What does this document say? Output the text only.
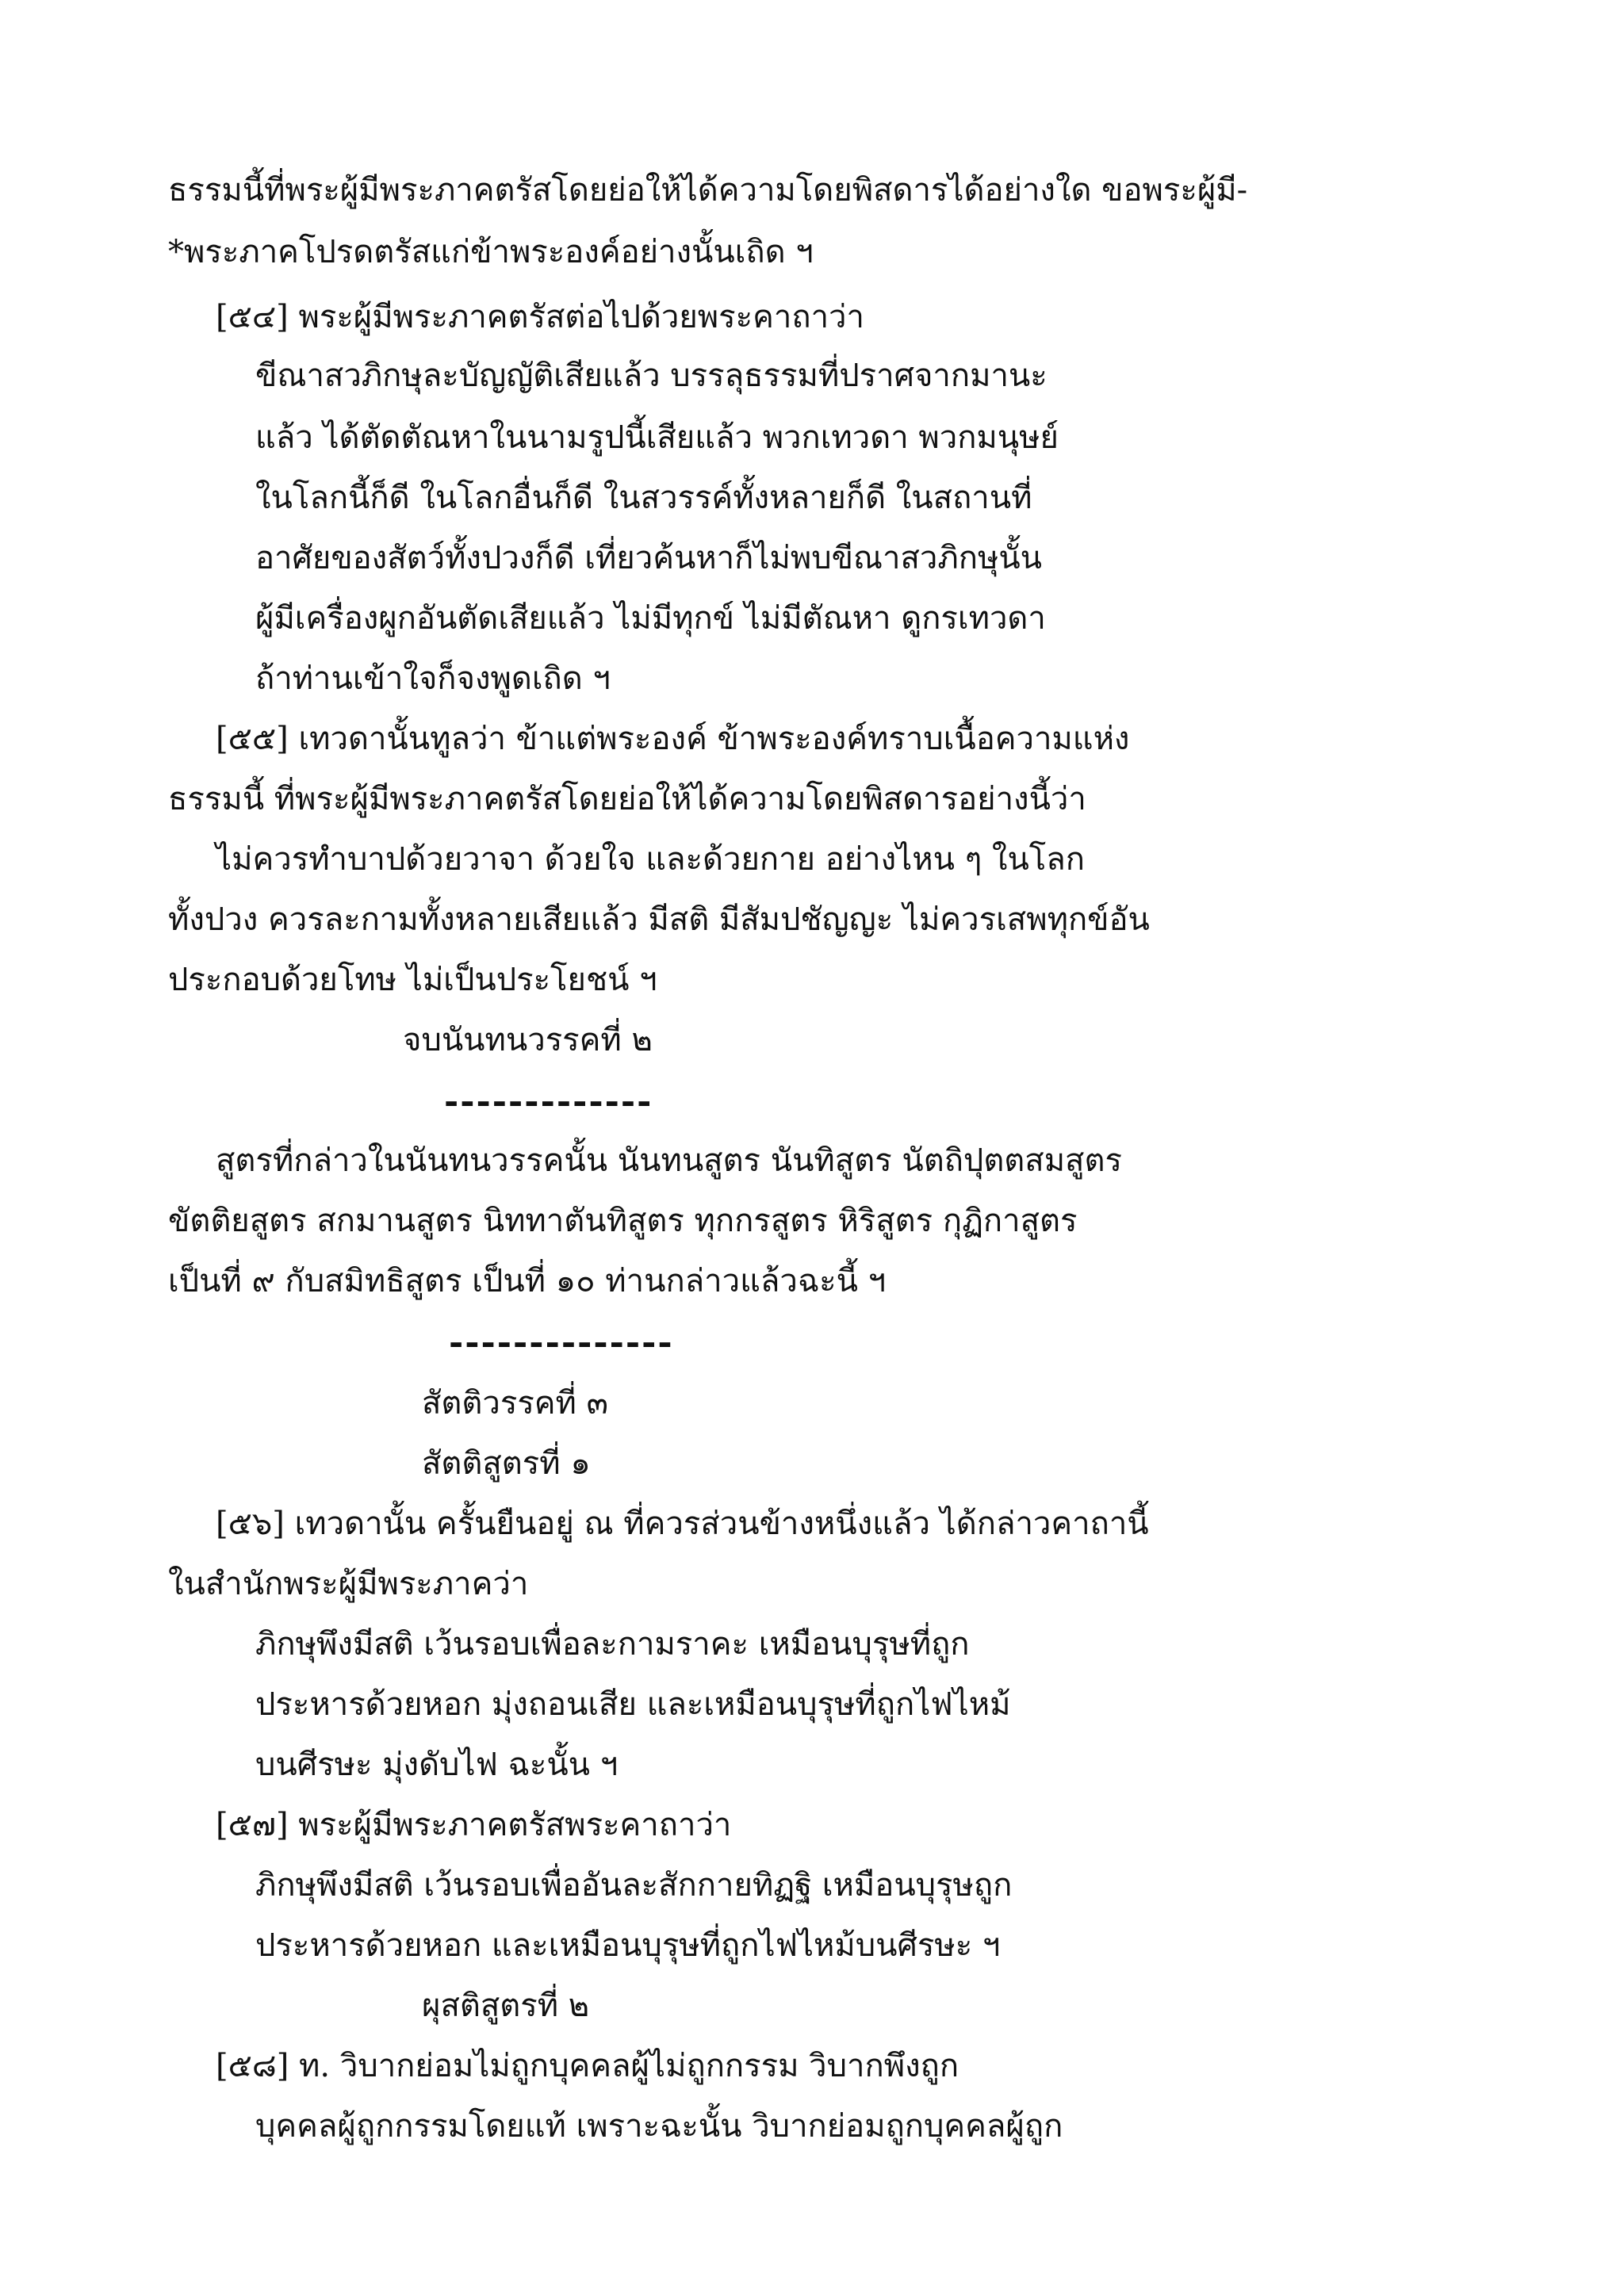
ธรรมนี้ที่พระผู้มีพระภาคตรัสโดยย่อให้ได้ความโดยพิสดารได้อย่างใด ขอพระผู้มี-
*พระภาคโปรดตรัสแก่ข้าพระองค์อย่างนั้นเถิด ฯ
[๕๔] พระผู้มีพระภาคตรัสต่อไปด้วยพระคาถาว่า
ขีณาสวภิกษุละบัญญัติเสียแล้ว บรรลุธรรมที่ปราศจากมานะ
แล้ว ได้ตัดตัณหาในนามรูปนี้เสียแล้ว พวกเทวดา พวกมนุษย์
ในโลกนี้ก็ดี ในโลกอื่นก็ดี ในสวรรค์ทั้งหลายก็ดี ในสถานที่
อาศัยของสัตว์ทั้งปวงก็ดี เที่ยวค้นหาก็ไม่พบขีณาสวภิกษุนั้น
ผู้มีเครื่องผูกอันตัดเสียแล้ว ไม่มีทุกข์ ไม่มีตัณหา ดูกรเทวดา
ถ้าท่านเข้าใจก็จงพูดเถิด ฯ
[๕๕] เทวดานั้นทูลว่า ข้าแต่พระองค์ ข้าพระองค์ทราบเนื้อความแห่ง
ธรรมนี้ ที่พระผู้มีพระภาคตรัสโดยย่อให้ได้ความโดยพิสดารอย่างนี้ว่า
ไม่ควรทำบาปด้วยวาจา ด้วยใจ และด้วยกาย อย่างไหน ๆ ในโลก
ทั้งปวง ควรละกามทั้งหลายเสียแล้ว มีสติ มีสัมปชัญญะ ไม่ควรเสพทุกข์อัน
ประกอบด้วยโทษ ไม่เป็นประโยชน์ ฯ
จบนันทนวรรคที่ ๒
-------------
สูตรที่กล่าวในนันทนวรรคนั้น นันทนสูตร นันทิสูตร นัตถิปุตตสมสูตร
ขัตติยสูตร สกมานสูตร นิททาตันทิสูตร ทุกกรสูตร หิริสูตร กุฏิกาสูตร
เป็นที่ ๙ กับสมิทธิสูตร เป็นที่ ๑๐ ท่านกล่าวแล้วฉะนี้ ฯ
--------------
สัตติวรรคที่ ๓
สัตติสูตรที่ ๑
[๕๖] เทวดานั้น ครั้นยืนอยู่ ณ ที่ควรส่วนข้างหนึ่งแล้ว ได้กล่าวคาถานี้
ในสำนักพระผู้มีพระภาคว่า
ภิกษุพึงมีสติ เว้นรอบเพื่อละกามราคะ เหมือนบุรุษที่ถูก
ประหารด้วยหอก มุ่งถอนเสีย และเหมือนบุรุษที่ถูกไฟไหม้
บนศีรษะ มุ่งดับไฟ ฉะนั้น ฯ
[๕๗] พระผู้มีพระภาคตรัสพระคาถาว่า
ภิกษุพึงมีสติ เว้นรอบเพื่ออันละสักกายทิฏฐิ เหมือนบุรุษถูก
ประหารด้วยหอก และเหมือนบุรุษที่ถูกไฟไหม้บนศีรษะ ฯ
ผุสติสูตรที่ ๒
[๕๘] ท. วิบากย่อมไม่ถูกบุคคลผู้ไม่ถูกกรรม วิบากพึงถูก
บุคคลผู้ถูกกรรมโดยแท้ เพราะฉะนั้น วิบากย่อมถูกบุคคลผู้ถูก
